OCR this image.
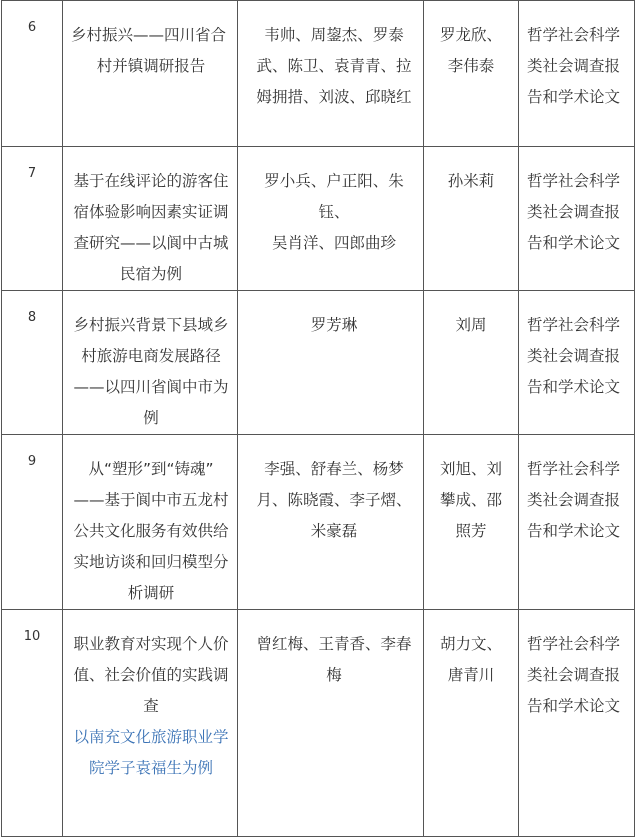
6	乡村振兴——四川省合
村并镇调研报告	韦帅、周鋆杰、罗泰
武、陈卫、袁青青、拉
姆拥措、刘波、邱晓红	罗龙欣、
李伟泰	哲学社会科学
类社会调查报
告和学术论文

7	基于在线评论的游客住
宿体验影响因素实证调
查研究——以阆中古城
民宿为例	罗小兵、户正阳、朱
钰、
吴肖洋、四郎曲珍	孙米莉	哲学社会科学
类社会调查报
告和学术论文

8	乡村振兴背景下县域乡
村旅游电商发展路径
——以四川省阆中市为
例	罗芳琳	刘周	哲学社会科学
类社会调查报
告和学术论文

9	从“塑形”到“铸魂”
——基于阆中市五龙村
公共文化服务有效供给
实地访谈和回归模型分
析调研	李强、舒春兰、杨梦
月、陈晓霞、李子熠、
米豪磊	刘旭、刘
攀成、邵
照芳	哲学社会科学
类社会调查报
告和学术论文

10	职业教育对实现个人价
值、社会价值的实践调
查
以南充文化旅游职业学
院学子袁福生为例	曾红梅、王青香、李春
梅	胡力文、
唐青川	哲学社会科学
类社会调查报
告和学术论文
